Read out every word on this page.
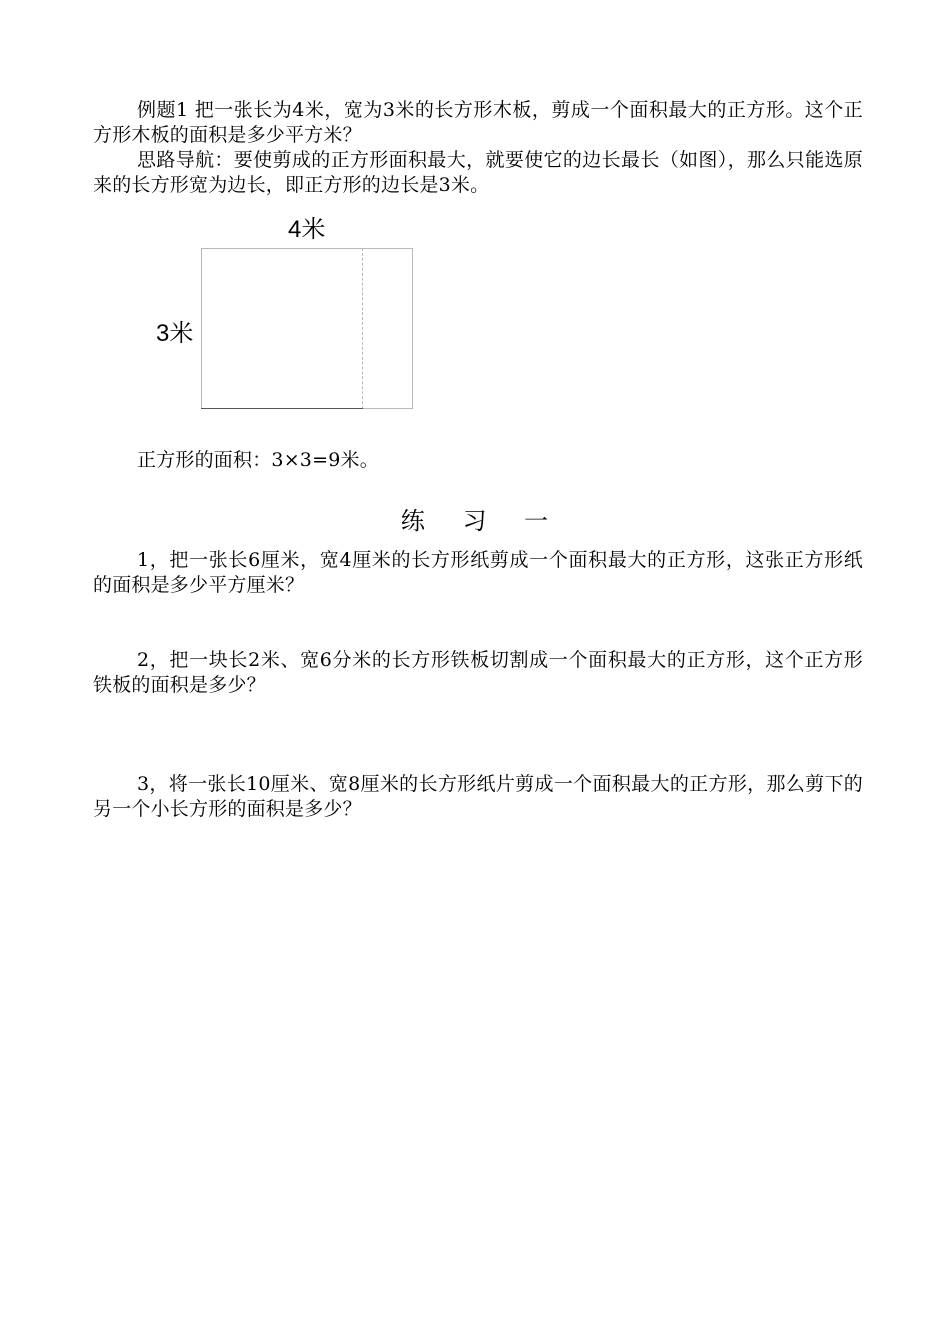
例题1 把一张长为4米，宽为3米的长方形木板，剪成一个面积最大的正方形。这个正方形木板的面积是多少平方米？

思路导航：要使剪成的正方形面积最大，就要使它的边长最长（如图），那么只能选原来的长方形宽为边长，即正方形的边长是3米。

4米
3米

正方形的面积：3×3=9米。

练 习 一

1，把一张长6厘米，宽4厘米的长方形纸剪成一个面积最大的正方形，这张正方形纸的面积是多少平方厘米？

2，把一块长2米、宽6分米的长方形铁板切割成一个面积最大的正方形，这个正方形铁板的面积是多少？

3，将一张长10厘米、宽8厘米的长方形纸片剪成一个面积最大的正方形，那么剪下的另一个小长方形的面积是多少？
